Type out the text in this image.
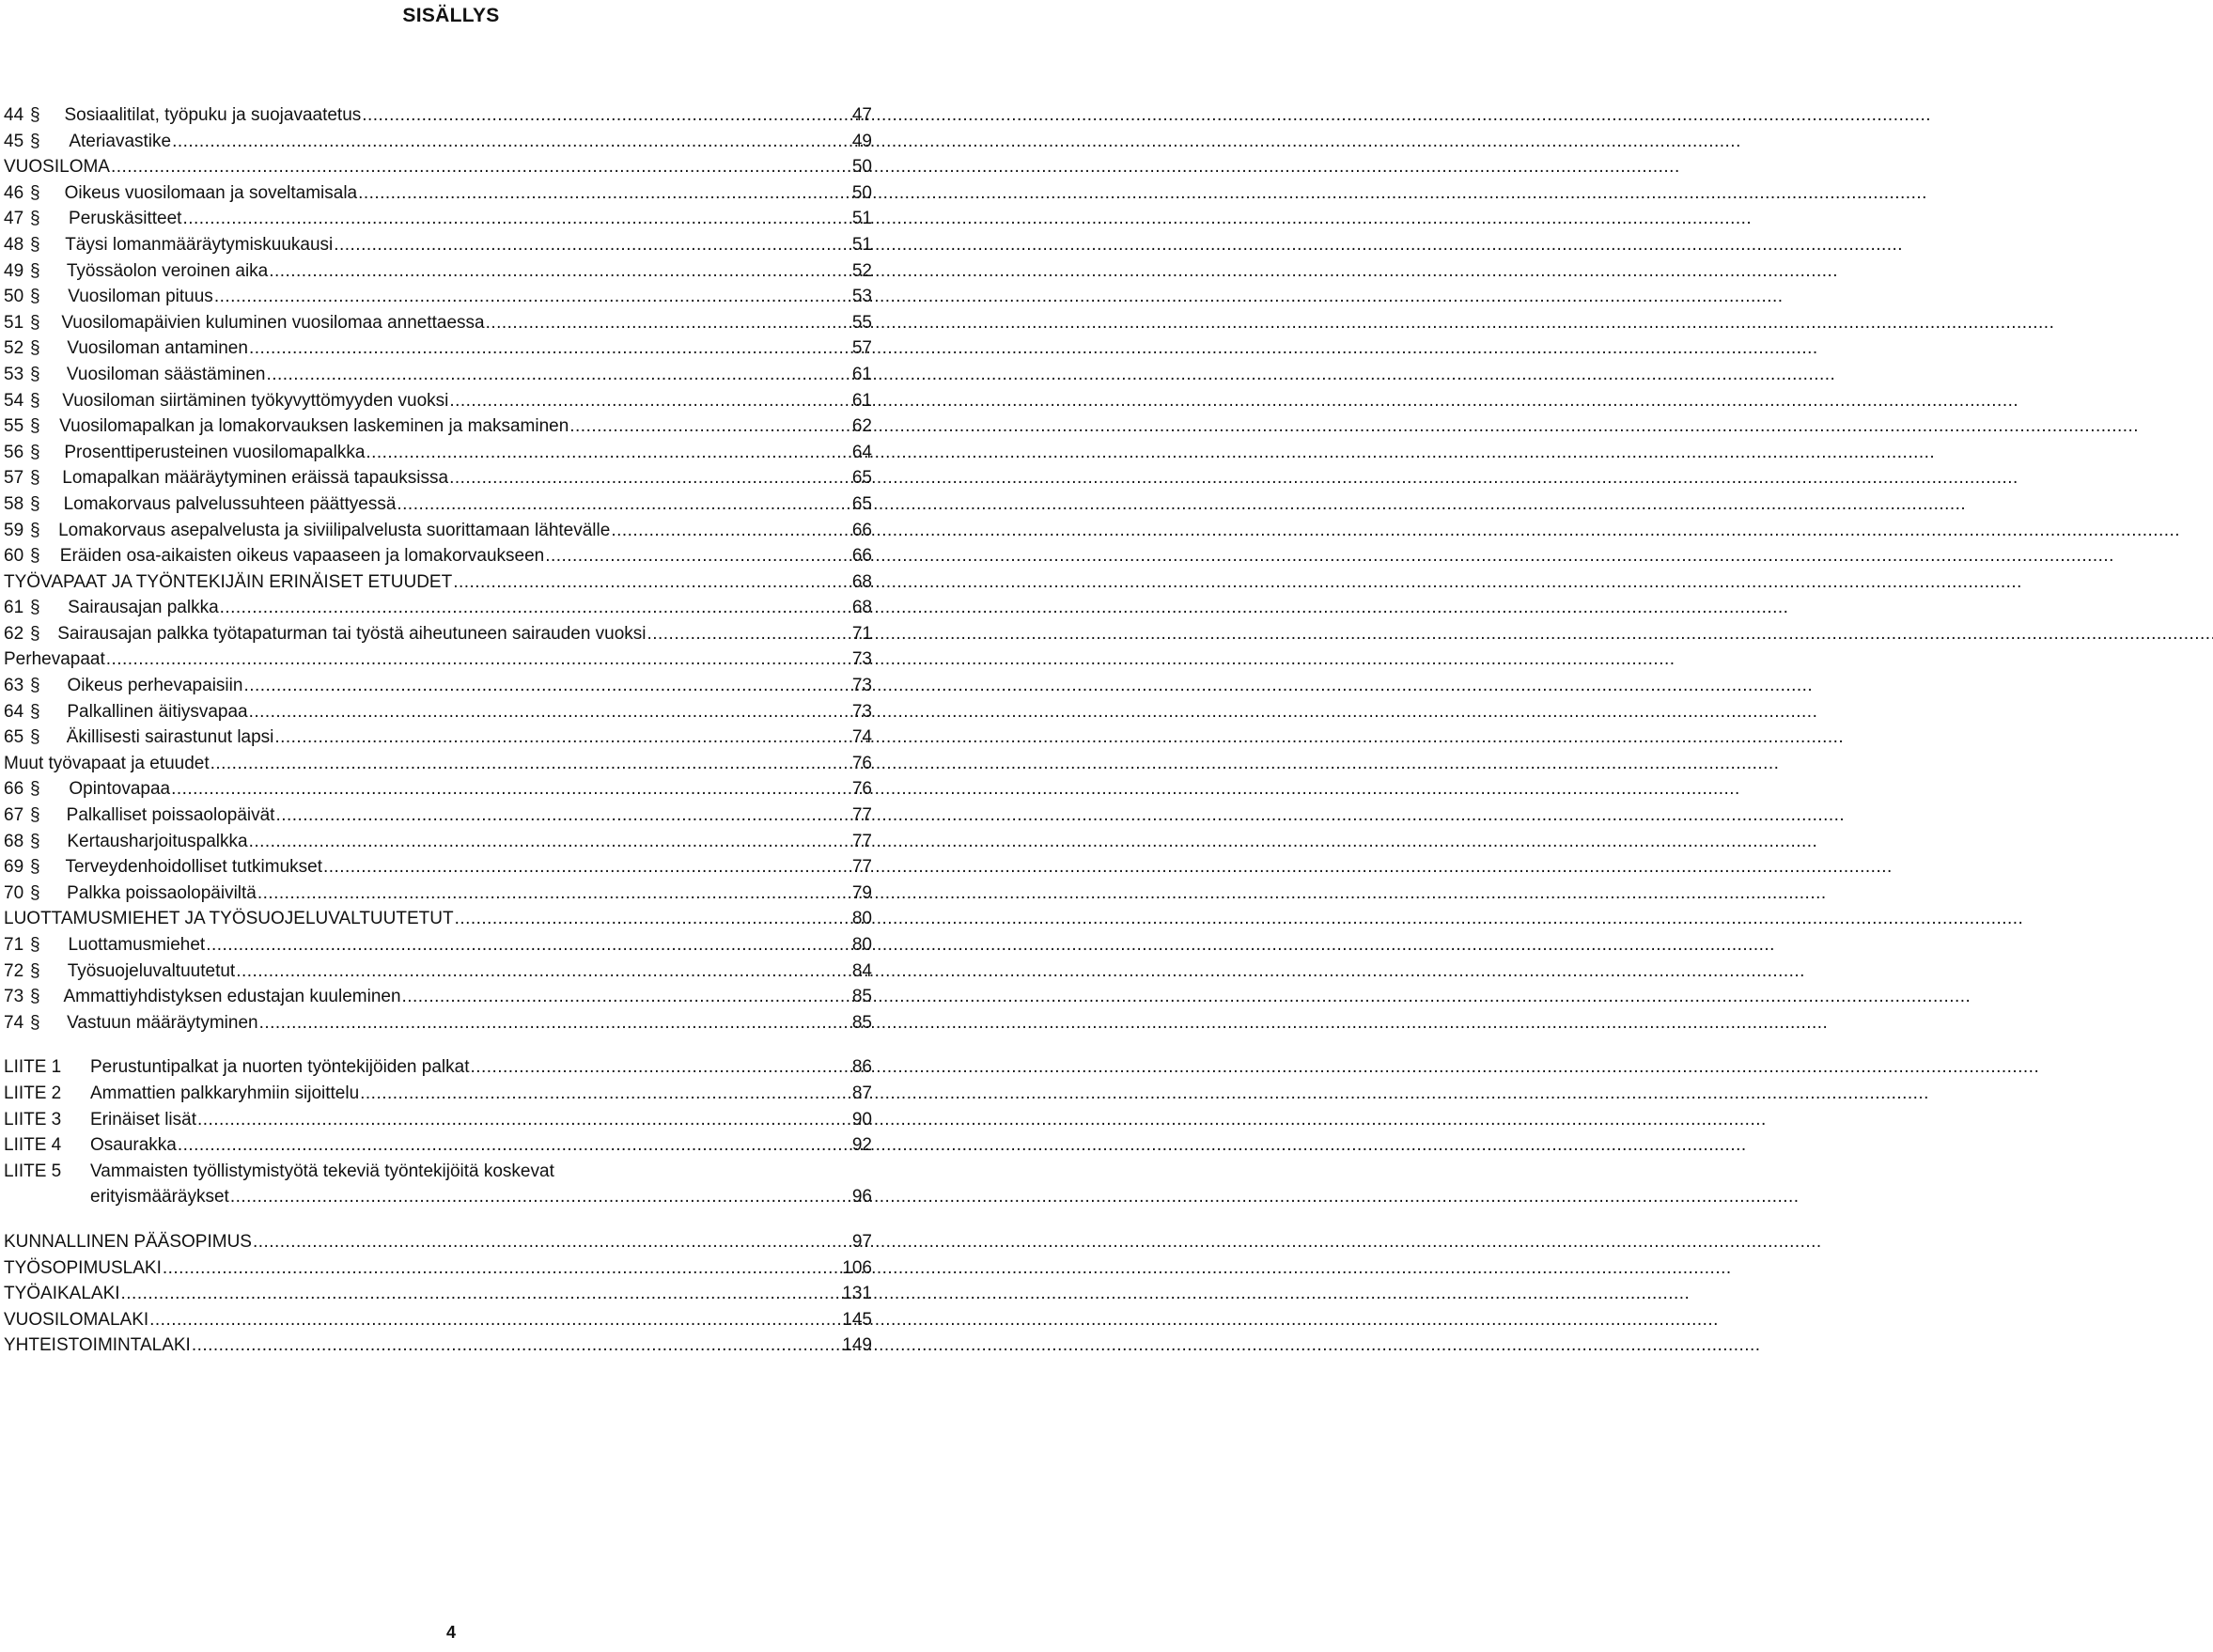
SISÄLLYS
44 §	Sosiaalitilat, työpuku ja suojavaatetus . . .	47
45 §	Ateriavastike . . .	49
VUOSILOMA . . .	50
46 §	Oikeus vuosilomaan ja soveltamisala . . .	50
47 §	Peruskäsitteet . . .	51
48 §	Täysi lomanmääräytymiskuukausi . . .	51
49 §	Työssäolon veroinen aika . . .	52
50 §	Vuosiloman pituus . . .	53
51 §	Vuosilomapäivien kuluminen vuosilomaa annettaessa . . .	55
52 §	Vuosiloman antaminen . . .	57
53 §	Vuosiloman säästäminen . . .	61
54 §	Vuosiloman siirtäminen työkyvyttömyyden vuoksi . . .	61
55 §	Vuosilomapalkan ja lomakorvauksen laskeminen ja maksaminen . . .	62
56 §	Prosenttiperusteinen vuosilomapalkka . . .	64
57 §	Lomapalkan määräytyminen eräissä tapauksissa . . .	65
58 §	Lomakorvaus palvelussuhteen päättyessä . . .	65
59 §	Lomakorvaus asepalvelusta ja siviilipalvelusta suorittamaan lähtevälle . . .	66
60 §	Eräiden osa-aikaisten oikeus vapaaseen ja lomakorvaukseen . . .	66
TYÖVAPAAT JA TYÖNTEKIJÄIN ERINÄISET ETUUDET . . .	68
61 §	Sairausajan palkka . . .	68
62 § Sairausajan palkka työtapaturman tai työstä aiheutuneen sairauden vuoksi . . .	71
Perhevapaat . . .	73
63 §	Oikeus perhevapaisiin . . .	73
64 §	Palkallinen äitiysvapaa . . .	73
65 §	Äkillisesti sairastunut lapsi . . .	74
Muut työvapaat ja etuudet . . .	76
66 §	Opintovapaa . . .	76
67 §	Palkalliset poissaolopäivät . . .	77
68 §	Kertausharjoituspalkka . . .	77
69 §	Terveydenhoidolliset tutkimukset . . .	77
70 §	Palkka poissaolopäiviltä . . .	79
LUOTTAMUSMIEHET JA TYÖSUOJELUVALTUUTETUT . . .	80
71 §	Luottamusmiehet . . .	80
72 §	Työsuojeluvaltuutetut . . .	84
73 §	Ammattiyhdistyksen edustajan kuuleminen . . .	85
74 §	Vastuun määräytyminen . . .	85
LIITE 1	Perustuntipalkat ja nuorten työntekijöiden palkat . . .	86
LIITE 2	Ammattien palkkaryhmiin sijoittelu . . .	87
LIITE 3	Erinäiset lisät . . .	90
LIITE 4	Osaurakka . . .	92
LIITE 5	Vammaisten työllistymistyötä tekeviä työntekijöitä koskevat
erityismääräykset . . .	96
KUNNALLINEN PÄÄSOPIMUS . . .	97
TYÖSOPIMUSLAKI . . .	106
TYÖAIKALAKI . . .	131
VUOSILOMALAKI . . .	145
YHTEISTOIMINTALAKI . . .	149
4
